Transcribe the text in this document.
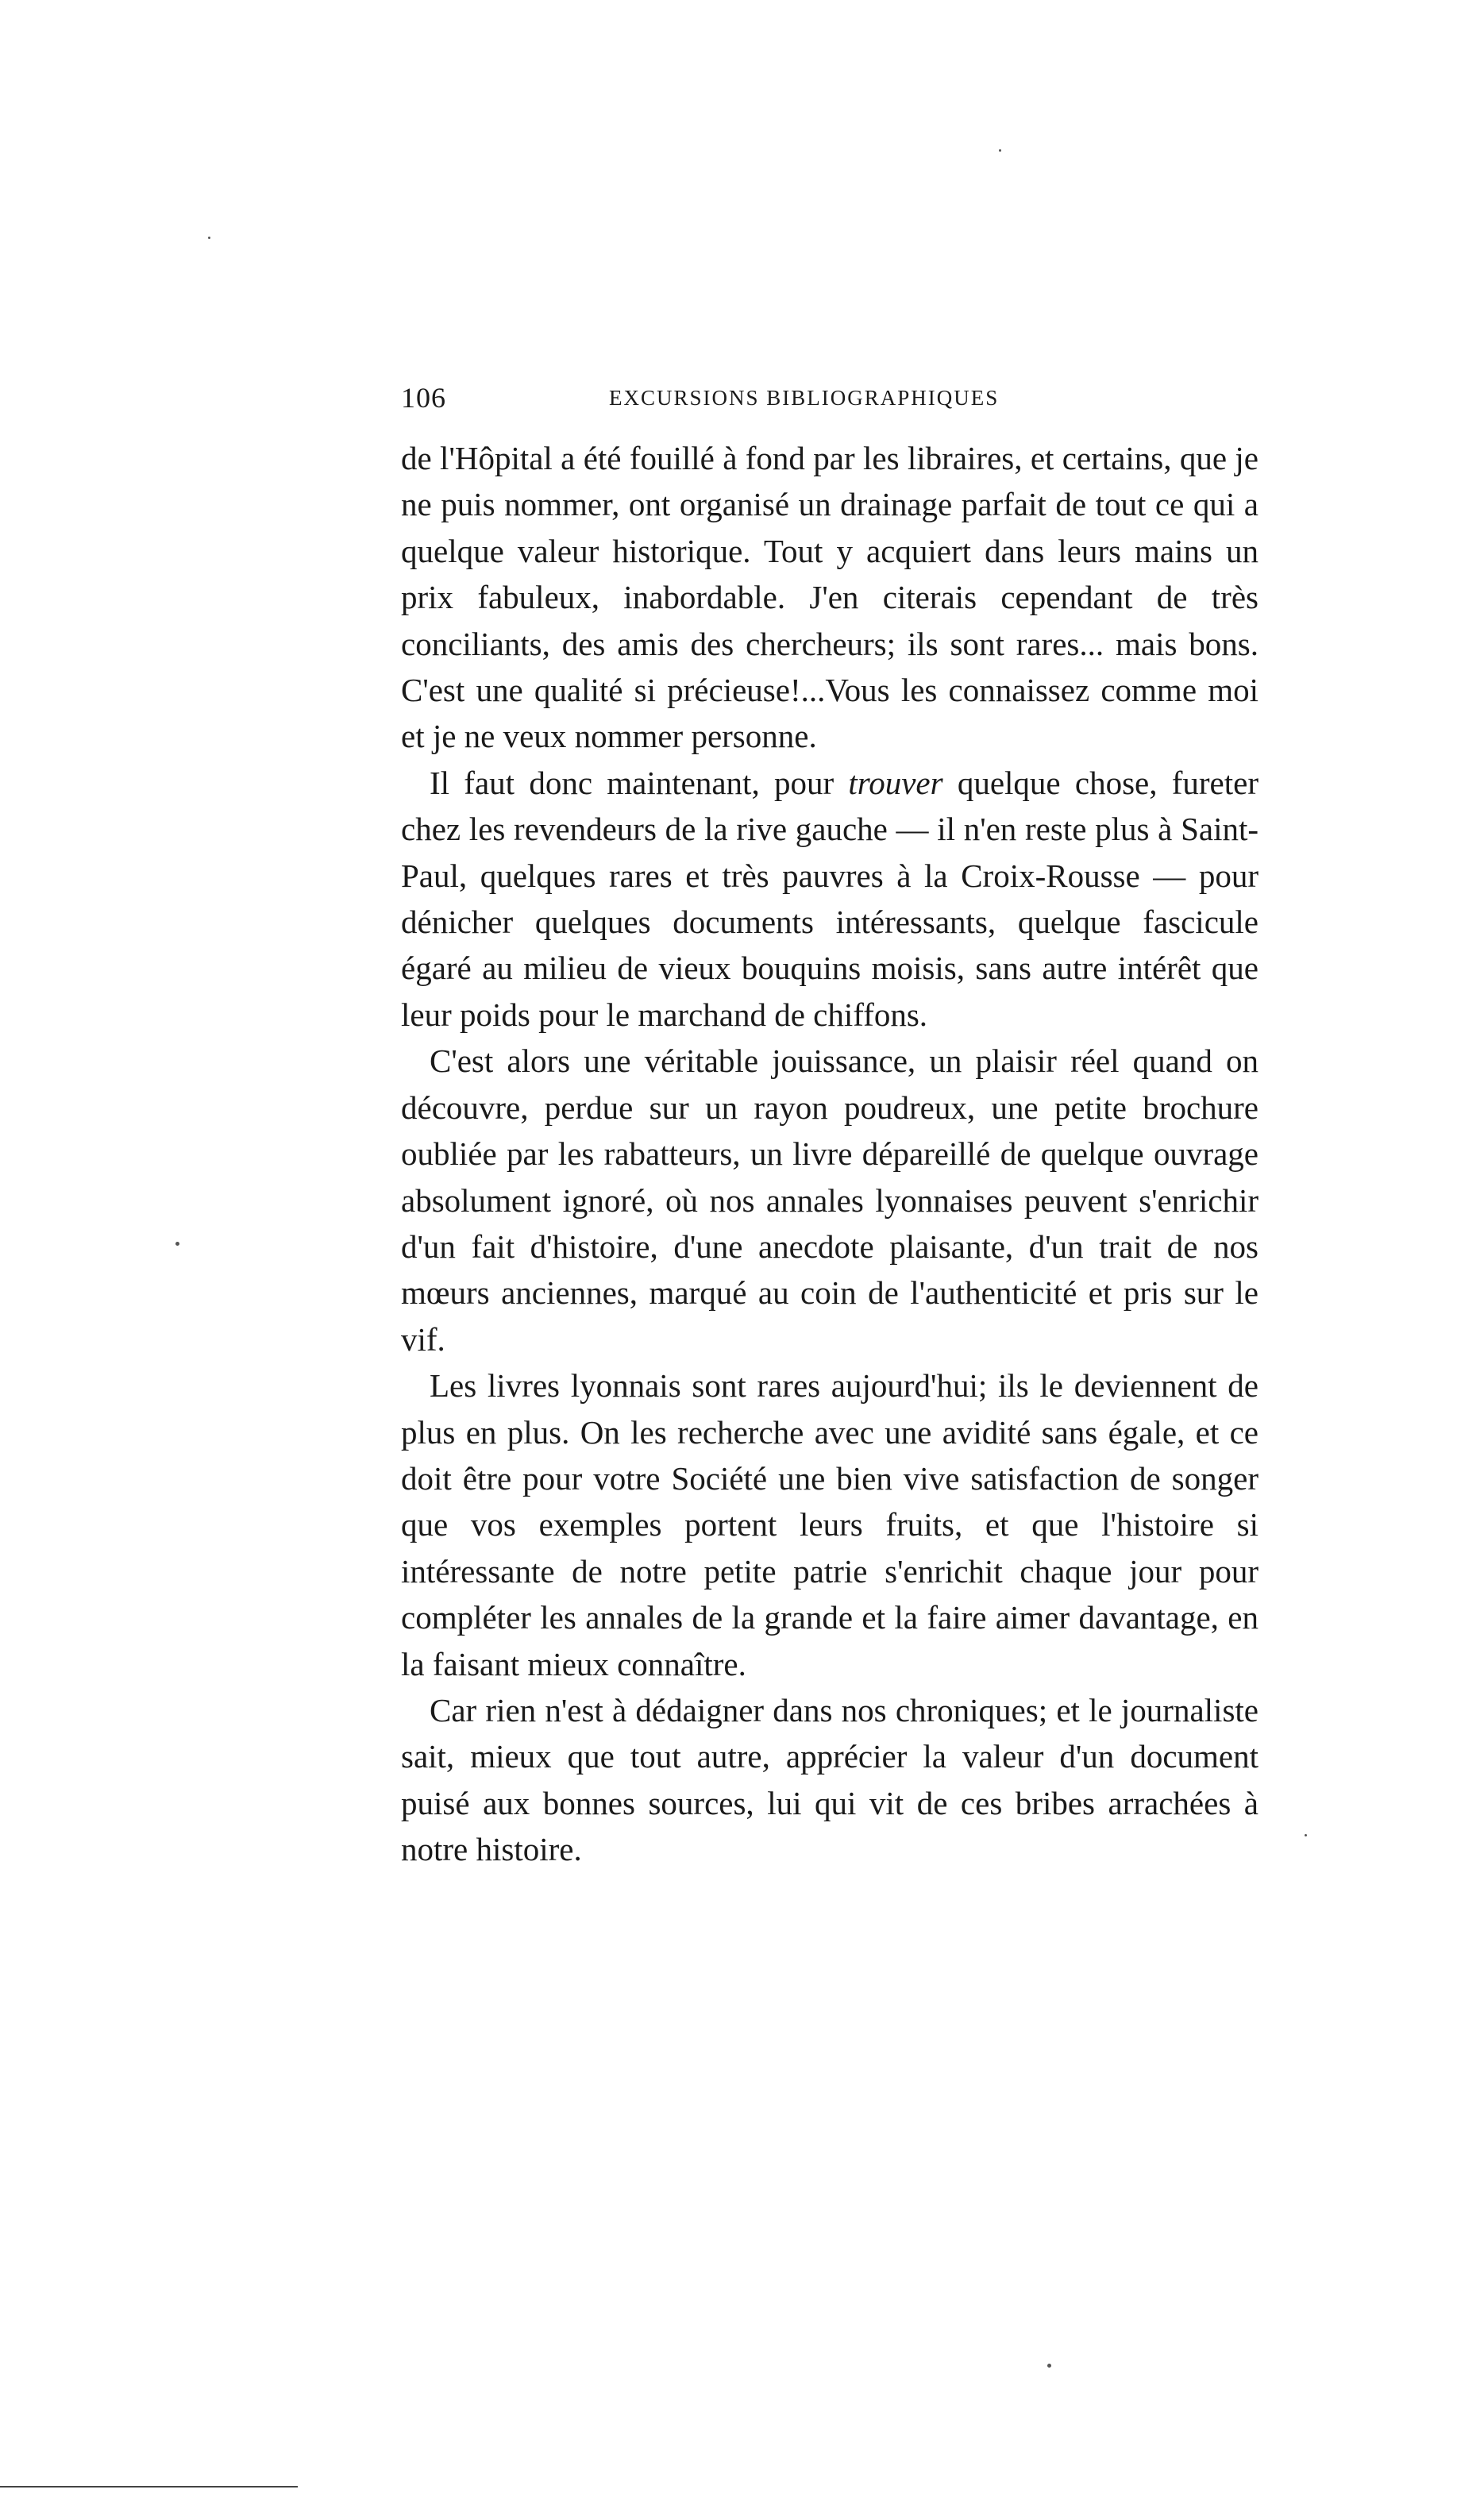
106	EXCURSIONS BIBLIOGRAPHIQUES

de l'Hôpital a été fouillé à fond par les libraires, et certains, que je ne puis nommer, ont organisé un drainage parfait de tout ce qui a quelque valeur historique. Tout y acquiert dans leurs mains un prix fabuleux, inabordable. J'en citerais cependant de très conciliants, des amis des chercheurs; ils sont rares... mais bons. C'est une qualité si précieuse!...Vous les connaissez comme moi et je ne veux nommer personne.

Il faut donc maintenant, pour trouver quelque chose, fureter chez les revendeurs de la rive gauche — il n'en reste plus à Saint-Paul, quelques rares et très pauvres à la Croix-Rousse — pour dénicher quelques documents intéressants, quelque fascicule égaré au milieu de vieux bouquins moisis, sans autre intérêt que leur poids pour le marchand de chiffons.

C'est alors une véritable jouissance, un plaisir réel quand on découvre, perdue sur un rayon poudreux, une petite brochure oubliée par les rabatteurs, un livre dépareillé de quelque ouvrage absolument ignoré, où nos annales lyonnaises peuvent s'enrichir d'un fait d'histoire, d'une anecdote plaisante, d'un trait de nos mœurs anciennes, marqué au coin de l'authenticité et pris sur le vif.

Les livres lyonnais sont rares aujourd'hui; ils le deviennent de plus en plus. On les recherche avec une avidité sans égale, et ce doit être pour votre Société une bien vive satisfaction de songer que vos exemples portent leurs fruits, et que l'histoire si intéressante de notre petite patrie s'enrichit chaque jour pour compléter les annales de la grande et la faire aimer davantage, en la faisant mieux connaître.

Car rien n'est à dédaigner dans nos chroniques; et le journaliste sait, mieux que tout autre, apprécier la valeur d'un document puisé aux bonnes sources, lui qui vit de ces bribes arrachées à notre histoire.
